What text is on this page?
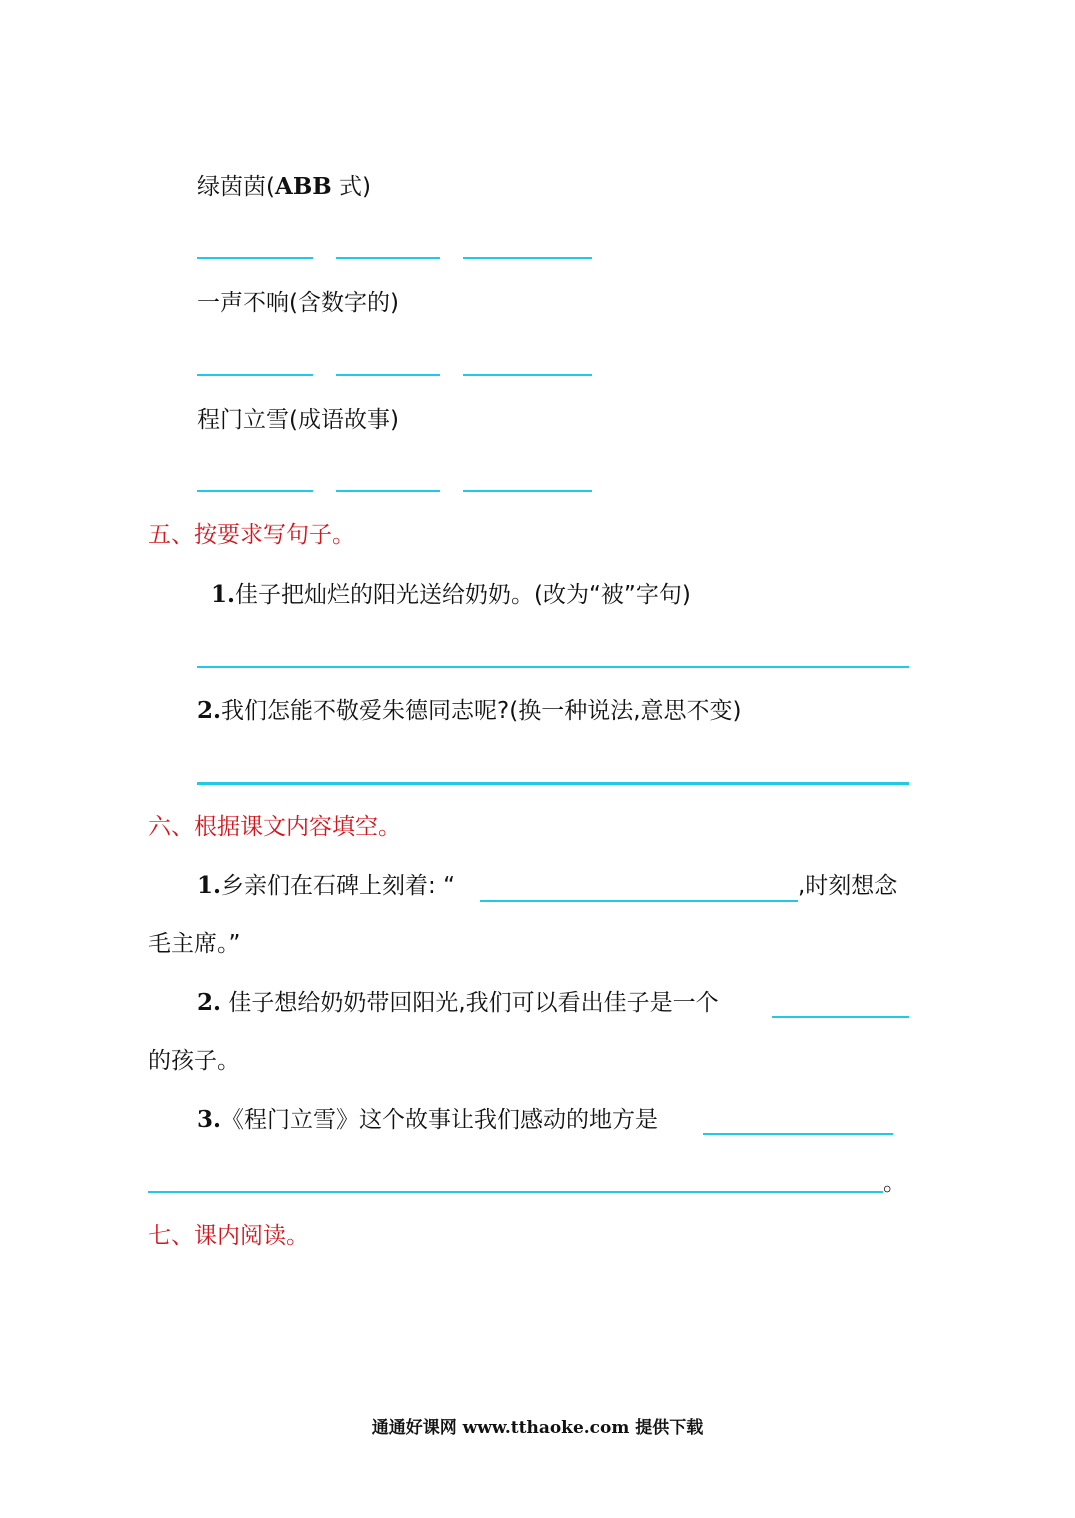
绿茵茵(ABB 式)
一声不响(含数字的)
程门立雪(成语故事)
五、按要求写句子。
1.佳子把灿烂的阳光送给奶奶。(改为“被”字句)
2.我们怎能不敬爱朱德同志呢?(换一种说法,意思不变)
六、根据课文内容填空。
1.乡亲们在石碑上刻着: “	,时刻想念
毛主席。”
2. 佳子想给奶奶带回阳光,我们可以看出佳子是一个
的孩子。
3.《程门立雪》这个故事让我们感动的地方是
。
七、课内阅读。
通通好课网 www.tthaoke.com 提供下载
